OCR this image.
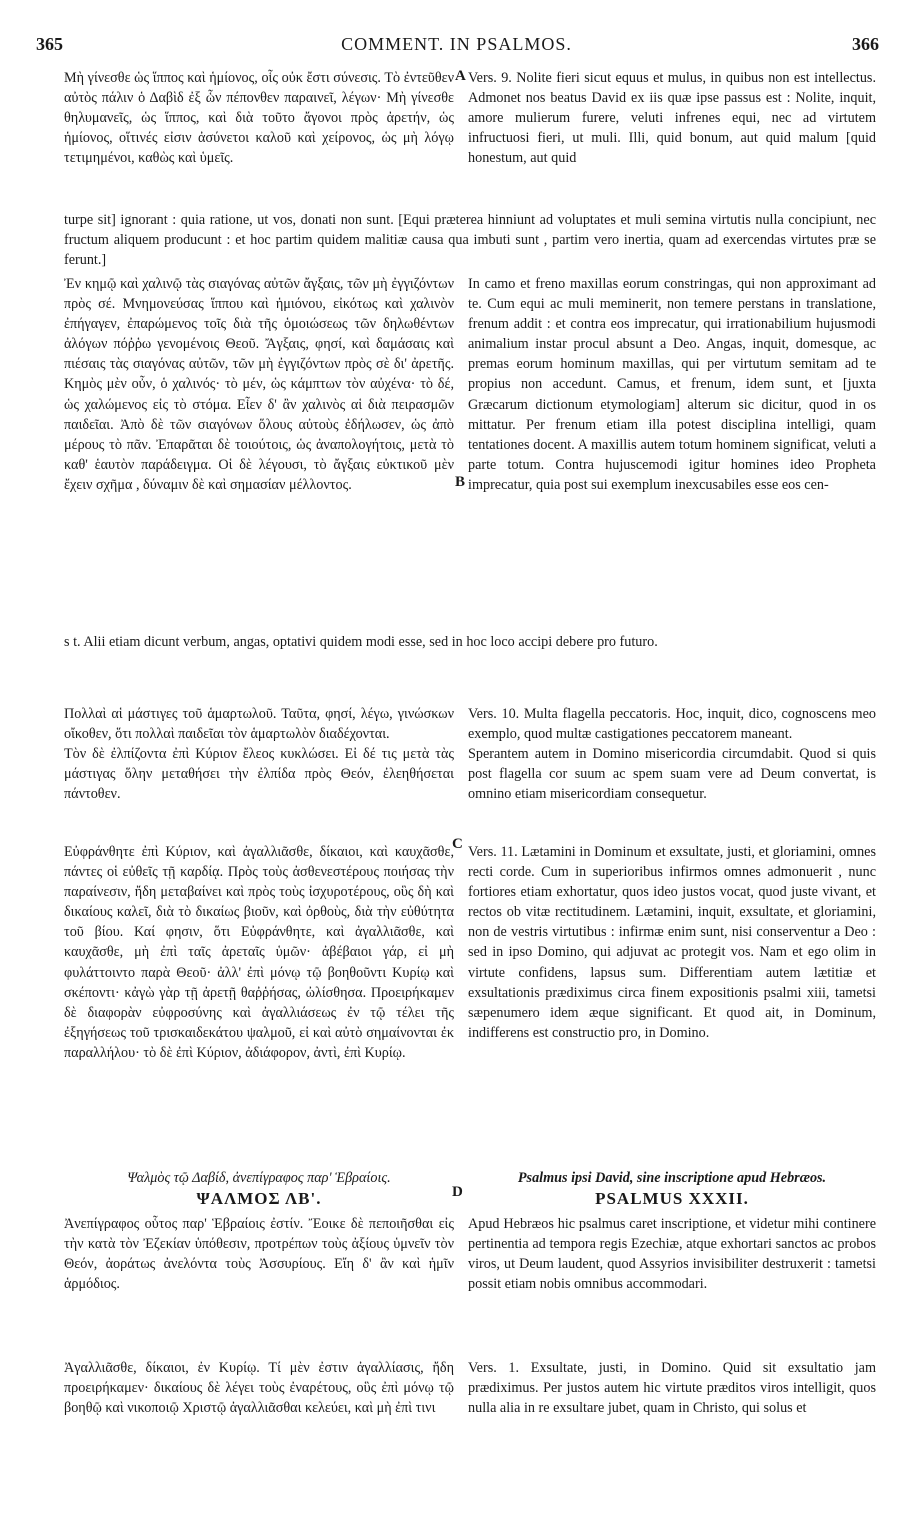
365	COMMENT. IN PSALMOS.	366

Μὴ γίνεσθε ὡς ἵππος καὶ ἡμίονος, οἷς οὐκ ἔστι σύνεσις. Τὸ ἐντεῦθεν αὐτὸς πάλιν ὁ Δαβὶδ ἐξ ὧν πέπονθεν παραινεῖ, λέγων· Μὴ γίνεσθε θηλυμανεῖς, ὡς ἵππος, καὶ διὰ τοῦτο ἄγονοι πρὸς ἀρετήν, ὡς ἡμίονος, οἵτινές εἰσιν ἀσύνετοι καλοῦ καὶ χείρονος, ὡς μὴ λόγῳ τετιμημένοι, καθὼς καὶ ὑμεῖς.

Vers. 9. Nolite fieri sicut equus et mulus, in quibus non est intellectus. Admonet nos beatus David ex iis quæ ipse passus est : Nolite, inquit, amore mulierum furere, veluti infrenes equi, nec ad virtutem infructuosi fieri, ut muli. Illi, quid bonum, aut quid malum [quid honestum, aut quid

turpe sit] ignorant : quia ratione, ut vos, donati non sunt. [Equi præterea hinniunt ad voluptates et muli semina virtutis nulla concipiunt, nec fructum aliquem producunt : et hoc partim quidem malitiæ causa qua imbuti sunt , partim vero inertia, quam ad exercendas virtutes præ se ferunt.]

Ἐν κημῷ καὶ χαλινῷ τὰς σιαγόνας αὐτῶν ἄγξαις, τῶν μὴ ἐγγιζόντων πρὸς σέ. Μνημονεύσας ἵππου καὶ ἡμιόνου, εἰκότως καὶ χαλινὸν ἐπήγαγεν, ἐπαρώμενος τοῖς διὰ τῆς ὁμοιώσεως τῶν δηλωθέντων ἀλόγων πόῤῥω γενομένοις Θεοῦ. Ἄγξαις, φησί, καὶ δαμάσαις καὶ πιέσαις τὰς σιαγόνας αὐτῶν, τῶν μὴ ἐγγιζόντων πρὸς σὲ δι' ἀρετῆς. Κημὸς μὲν οὖν, ὁ χαλινός· τὸ μέν, ὡς κάμπτων τὸν αὐχένα· τὸ δέ, ὡς χαλώμενος εἰς τὸ στόμα. Εἶεν δ' ἂν χαλινὸς αἱ διὰ πειρασμῶν παιδεῖαι. Ἀπὸ δὲ τῶν σιαγόνων ὅλους αὐτοὺς ἐδήλωσεν, ὡς ἀπὸ μέρους τὸ πᾶν. Ἐπαρᾶται δὲ τοιούτοις, ὡς ἀναπολογήτοις, μετὰ τὸ καθ' ἑαυτὸν παράδειγμα. Οἱ δὲ λέγουσι, τὸ ἄγξαις εὐκτικοῦ μὲν ἔχειν σχῆμα , δύναμιν δὲ καὶ σημασίαν μέλλοντος.

In camo et freno maxillas eorum constringas, qui non approximant ad te. Cum equi ac muli meminerit, non temere perstans in translatione, frenum addit : et contra eos imprecatur, qui irrationabilium hujusmodi animalium instar procul absunt a Deo. Angas, inquit, domesque, ac premas eorum hominum maxillas, qui per virtutum semitam ad te propius non accedunt. Camus, et frenum, idem sunt, et [juxta Græcarum dictionum etymologiam] alterum sic dicitur, quod in os mittatur. Per frenum etiam illa potest disciplina intelligi, quam tentationes docent. A maxillis autem totum hominem significat, veluti a parte totum. Contra hujuscemodi igitur homines ideo Propheta imprecatur, quia post sui exemplum inexcusabiles esse eos cen-

s t. Alii etiam dicunt verbum, angas, optativi quidem modi esse, sed in hoc loco accipi debere pro futuro.

Πολλαὶ αἱ μάστιγες τοῦ ἁμαρτωλοῦ. Ταῦτα, φησί, λέγω, γινώσκων οἴκοθεν, ὅτι πολλαὶ παιδεῖαι τὸν ἁμαρτωλὸν διαδέχονται.
Τὸν δὲ ἐλπίζοντα ἐπὶ Κύριον ἔλεος κυκλώσει. Εἰ δέ τις μετὰ τὰς μάστιγας ὅλην μεταθήσει τὴν ἐλπίδα πρὸς Θεόν, ἐλεηθήσεται πάντοθεν.

Vers. 10. Multa flagella peccatoris. Hoc, inquit, dico, cognoscens meo exemplo, quod multæ castigationes peccatorem maneant.
Sperantem autem in Domino misericordia circumdabit. Quod si quis post flagella cor suum ac spem suam vere ad Deum convertat, is omnino etiam misericordiam consequetur.

Εὐφράνθητε ἐπὶ Κύριον, καὶ ἀγαλλιᾶσθε, δίκαιοι, καὶ καυχᾶσθε, πάντες οἱ εὐθεῖς τῇ καρδίᾳ. Πρὸς τοὺς ἀσθενεστέρους ποιήσας τὴν παραίνεσιν, ἤδη μεταβαίνει καὶ πρὸς τοὺς ἰσχυροτέρους, οὓς δὴ καὶ δικαίους καλεῖ, διὰ τὸ δικαίως βιοῦν, καὶ ὀρθοὺς, διὰ τὴν εὐθύτητα τοῦ βίου. Καί φησιν, ὅτι Εὐφράνθητε, καὶ ἀγαλλιᾶσθε, καὶ καυχᾶσθε, μὴ ἐπὶ ταῖς ἀρεταῖς ὑμῶν· ἀβέβαιοι γάρ, εἰ μὴ φυλάττοιντο παρὰ Θεοῦ· ἀλλ' ἐπὶ μόνῳ τῷ βοηθοῦντι Κυρίῳ καὶ σκέποντι· κἀγὼ γὰρ τῇ ἀρετῇ θαῤῥήσας, ὠλίσθησα. Προειρήκαμεν δὲ διαφορὰν εὐφροσύνης καὶ ἀγαλλιάσεως ἐν τῷ τέλει τῆς ἐξηγήσεως τοῦ τρισκαιδεκάτου ψαλμοῦ, εἰ καὶ αὐτὸ σημαίνονται ἐκ παραλλήλου· τὸ δὲ ἐπὶ Κύριον, ἀδιάφορον, ἀντὶ, ἐπὶ Κυρίῳ.

Vers. 11. Lætamini in Dominum et exsultate, justi, et gloriamini, omnes recti corde. Cum in superioribus infirmos omnes admonuerit , nunc fortiores etiam exhortatur, quos ideo justos vocat, quod juste vivant, et rectos ob vitæ rectitudinem. Lætamini, inquit, exsultate, et gloriamini, non de vestris virtutibus : infirmæ enim sunt, nisi conserventur a Deo : sed in ipso Domino, qui adjuvat ac protegit vos. Nam et ego olim in virtute confidens, lapsus sum. Differentiam autem lætitiæ et exsultationis prædiximus circa finem expositionis psalmi xiii, tametsi sæpenumero idem æque significant. Et quod ait, in Dominum, indifferens est constructio pro, in Domino.

Ψαλμὸς τῷ Δαβίδ, ἀνεπίγραφος παρ' Ἑβραίοις.

ΨΑΛΜΟΣ ΛΒ'.

Psalmus ipsi David, sine inscriptione apud Hebræos.

PSALMUS XXXII.

Ἀνεπίγραφος οὗτος παρ' Ἑβραίοις ἐστίν. Ἔοικε δὲ πεποιῆσθαι εἰς τὴν κατὰ τὸν Ἐζεκίαν ὑπόθεσιν, προτρέπων τοὺς ἀξίους ὑμνεῖν τὸν Θεόν, ἀοράτως ἀνελόντα τοὺς Ἀσσυρίους. Εἴη δ' ἂν καὶ ἡμῖν ἁρμόδιος.

Apud Hebræos hic psalmus caret inscriptione, et videtur mihi continere pertinentia ad tempora regis Ezechiæ, atque exhortari sanctos ac probos viros, ut Deum laudent, quod Assyrios invisibiliter destruxerit : tametsi possit etiam nobis omnibus accommodari.

Ἀγαλλιᾶσθε, δίκαιοι, ἐν Κυρίῳ. Τί μὲν ἐστιν ἀγαλλίασις, ἤδη προειρήκαμεν· δικαίους δὲ λέγει τοὺς ἐναρέτους, οὓς ἐπὶ μόνῳ τῷ βοηθῷ καὶ νικοποιῷ Χριστῷ ἀγαλλιᾶσθαι κελεύει, καὶ μὴ ἐπὶ τινι

Vers. 1. Exsultate, justi, in Domino. Quid sit exsultatio jam prædiximus. Per justos autem hic virtute præditos viros intelligit, quos nulla alia in re exsultare jubet, quam in Christo, qui solus et

A
B
C
D
